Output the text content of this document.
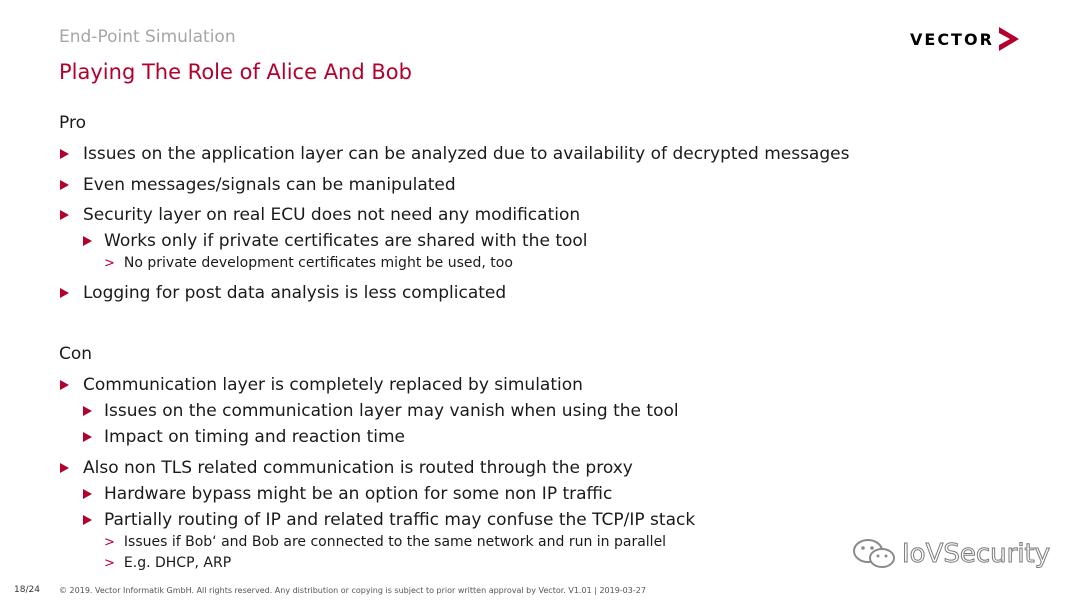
End-Point Simulation
Playing The Role of Alice And Bob
VECTOR
Pro
Issues on the application layer can be analyzed due to availability of decrypted messages
Even messages/signals can be manipulated
Security layer on real ECU does not need any modification
Works only if private certificates are shared with the tool
> No private development certificates might be used, too
Logging for post data analysis is less complicated
Con
Communication layer is completely replaced by simulation
Issues on the communication layer may vanish when using the tool
Impact on timing and reaction time
Also non TLS related communication is routed through the proxy
Hardware bypass might be an option for some non IP traffic
Partially routing of IP and related traffic may confuse the TCP/IP stack
> Issues if Bob‘ and Bob are connected to the same network and run in parallel
> E.g. DHCP, ARP	IoVSecurity
18/24 © 2019. Vector Informatik GmbH. All rights reserved. Any distribution or copying is subject to prior written approval by Vector. V1.01 | 2019-03-27
